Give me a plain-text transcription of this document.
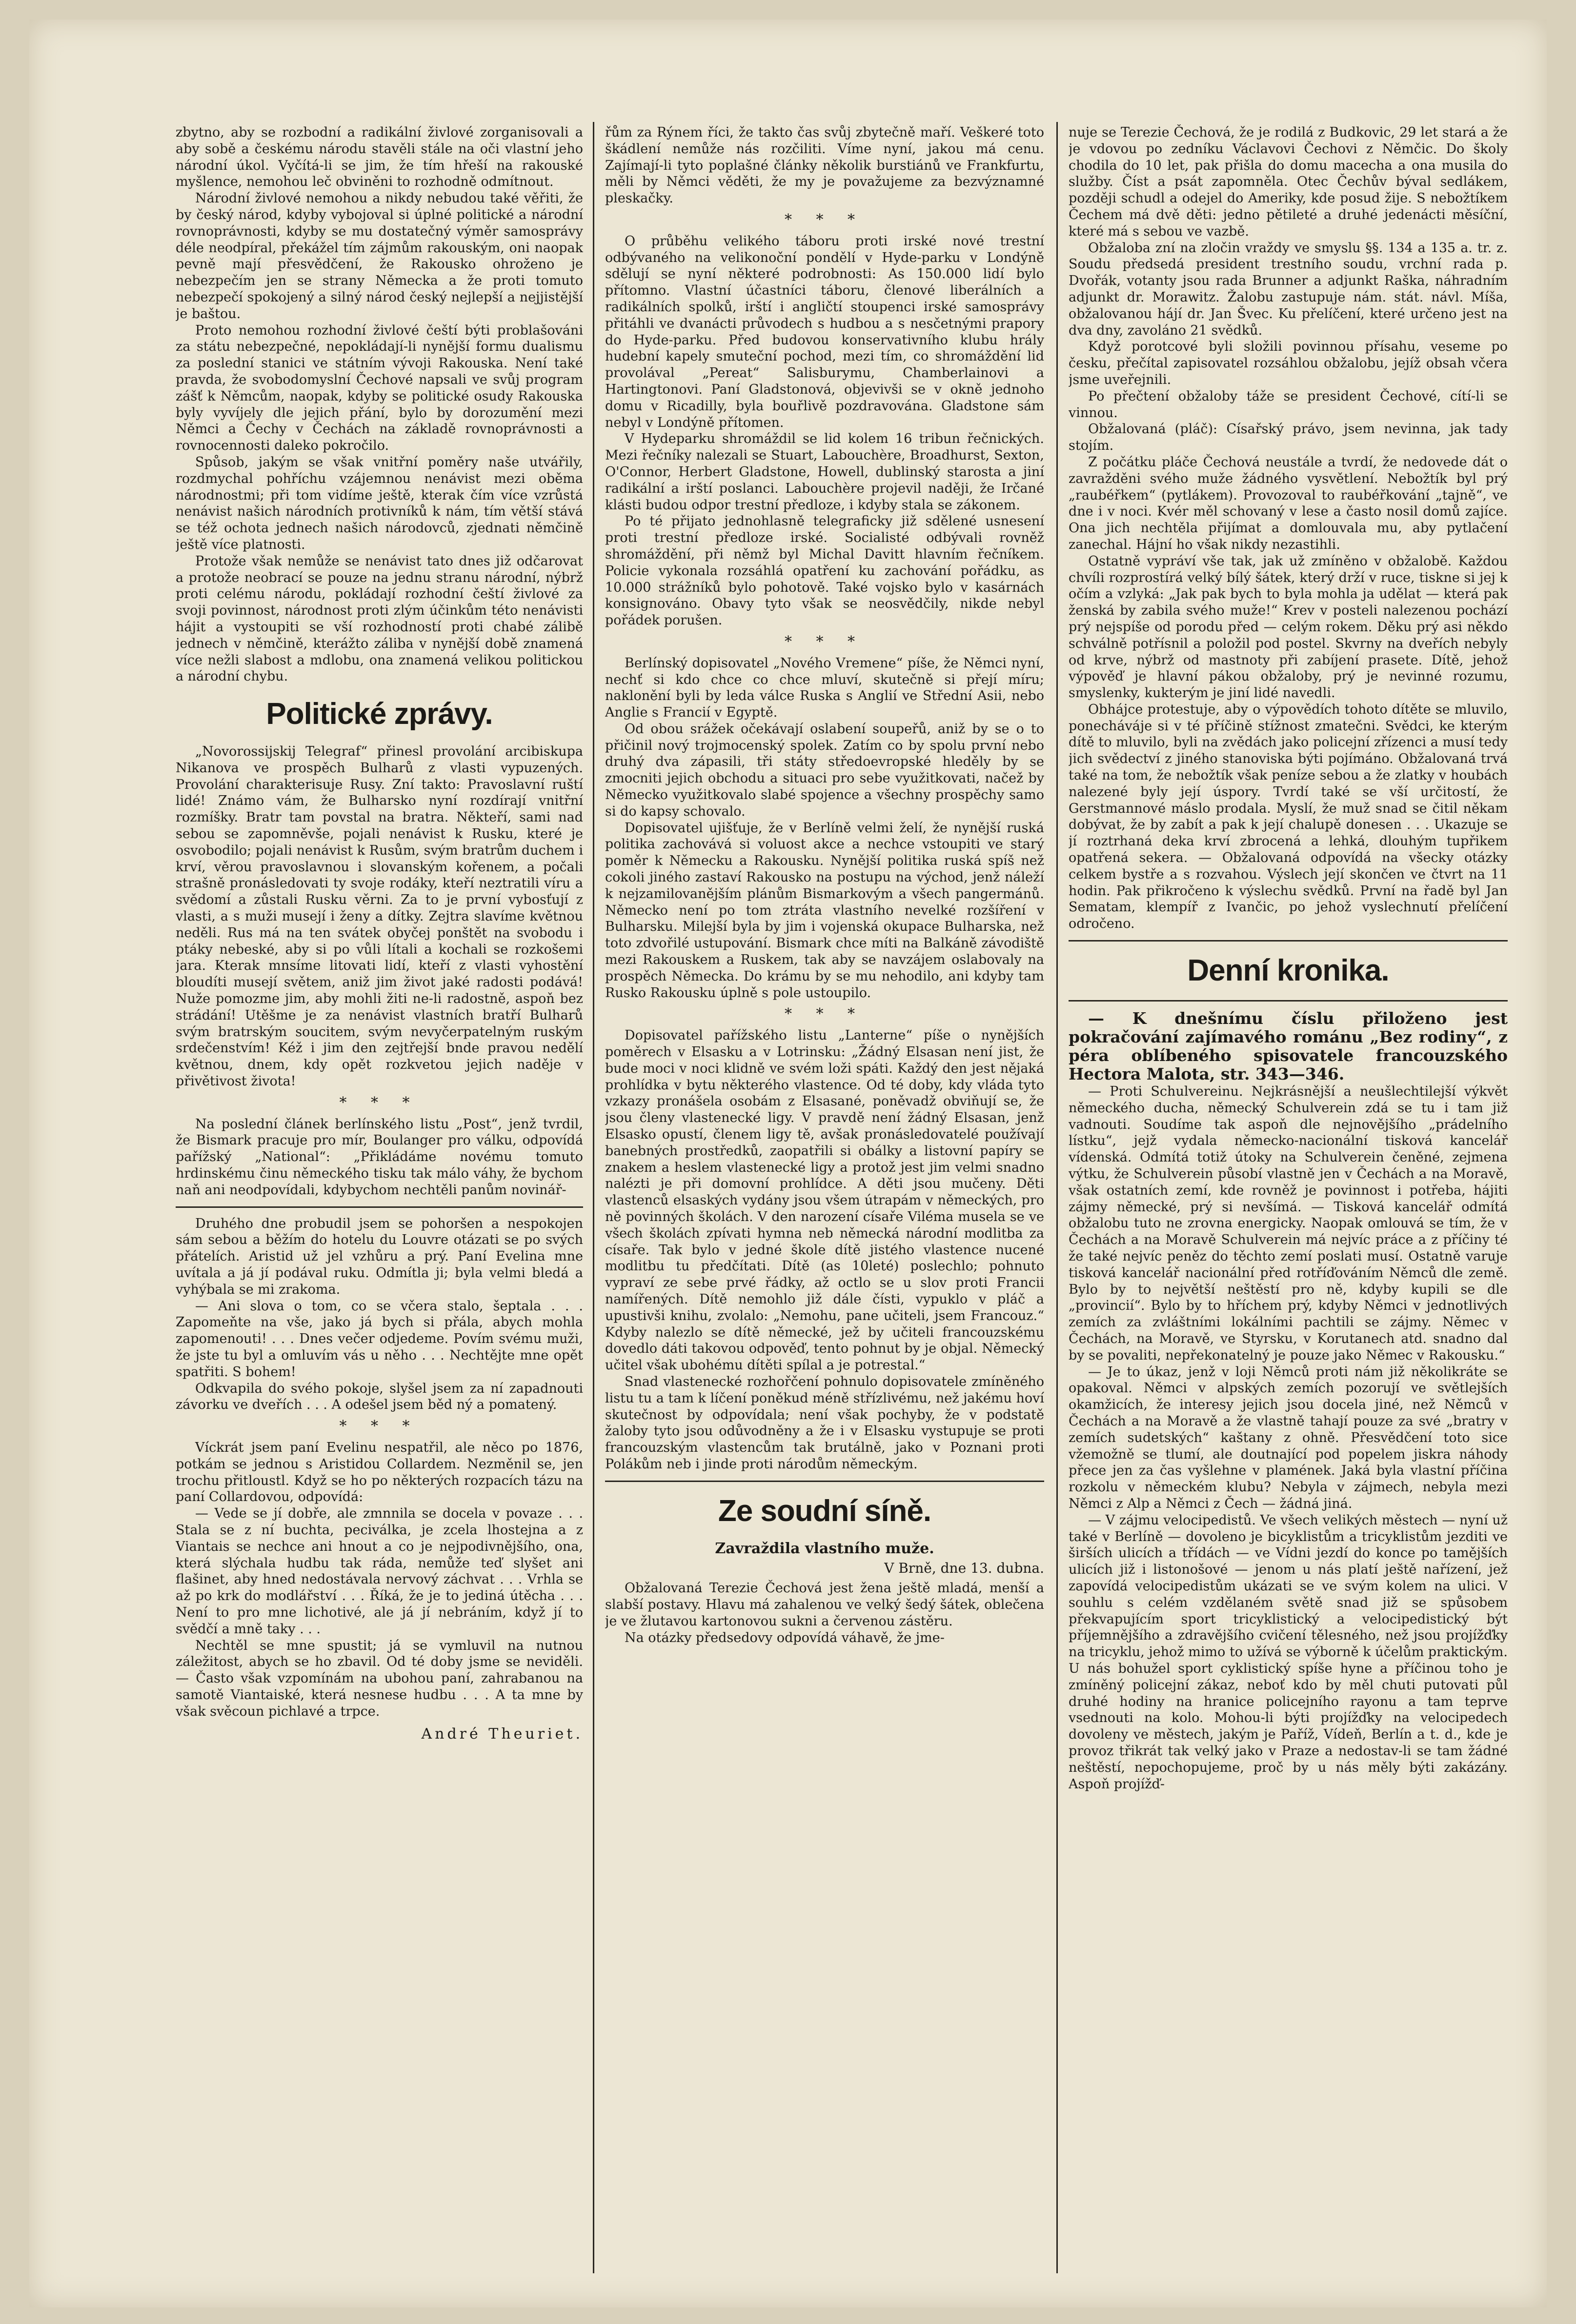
zbytno, aby se rozbodní a radikální živlové zorganisovali a aby sobě a českému národu stavěli stále na oči vlastní jeho národní úkol. Vyčítá-li se jim, že tím hřeší na rakouské myšlence, nemohou leč obviněni to rozhodně odmítnout.

Národní živlové nemohou a nikdy nebudou také věřiti, že by český národ, kdyby vybojoval si úplné politické a národní rovnoprávnosti, kdyby se mu dostatečný výměr samosprávy déle neodpíral, překážel tím zájmům rakouským, oni naopak pevně mají přesvědčení, že Rakousko ohroženo je nebezpečím jen se strany Německa a že proti tomuto nebezpečí spokojený a silný národ český nejlepší a nejjistější je baštou.

Proto nemohou rozhodní živlové čeští býti problašováni za státu nebezpečné, nepokládají-li nynější formu dualismu za poslední stanici ve státním vývoji Rakouska. Není také pravda, že svobodomyslní Čechové napsali ve svůj program zášť k Němcům, naopak, kdyby se politické osudy Rakouska byly vyvíjely dle jejich přání, bylo by dorozumění mezi Němci a Čechy v Čechách na základě rovnoprávnosti a rovnocennosti daleko pokročilo.

Spůsob, jakým se však vnitřní poměry naše utvářily, rozdmychal pohříchu vzájemnou nenávist mezi oběma národnostmi; při tom vidíme ještě, kterak čím více vzrůstá nenávist našich národních protivníků k nám, tím větší stává se též ochota jednech našich národovců, zjednati němčině ještě více platnosti.

Protože však nemůže se nenávist tato dnes již odčarovat a protože neobrací se pouze na jednu stranu národní, nýbrž proti celému národu, pokládají rozhodní čeští živlové za svoji povinnost, národnost proti zlým účinkům této nenávisti hájit a vystoupiti se vší rozhodností proti chabé zálibě jednech v němčině, kterážto záliba v nynější době znamená více nežli slabost a mdlobu, ona znamená velikou politickou a národní chybu.

Politické zprávy.

„Novorossijskij Telegraf“ přinesl provolání arcibiskupa Nikanova ve prospěch Bulharů z vlasti vypuzených. Provolání charakterisuje Rusy. Zní takto: Pravoslavní ruští lidé! Známo vám, že Bulharsko nyní rozdírají vnitřní rozmíšky. Bratr tam povstal na bratra. Někteří, sami nad sebou se zapomněvše, pojali nenávist k Rusku, které je osvobodilo; pojali nenávist k Rusům, svým bratrům duchem i krví, věrou pravoslavnou i slovanským kořenem, a počali strašně pronásledovati ty svoje rodáky, kteří neztratili víru a svědomí a zůstali Rusku věrni. Za to je první vybosťují z vlasti, a s muži musejí i ženy a dítky. Zejtra slavíme květnou neděli. Rus má na ten svátek obyčej ponštět na svobodu i ptáky nebeské, aby si po vůli lítali a kochali se rozkošemi jara. Kterak mnsíme litovati lidí, kteří z vlasti vyhostění bloudíti musejí světem, aniž jim život jaké radosti podává! Nuže pomozme jim, aby mohli žiti ne-li radostně, aspoň bez strádání! Utěšme je za nenávist vlastních bratří Bulharů svým bratrským soucitem, svým nevyčerpatelným ruským srdečenstvím! Kéž i jim den zejtřejší bnde pravou nedělí květnou, dnem, kdy opět rozkvetou jejich naděje v přivětivost života!

* * *

Na poslední článek berlínského listu „Post“, jenž tvrdil, že Bismark pracuje pro mír, Boulanger pro válku, odpovídá pařížský „National“: „Přikládáme novému tomuto hrdinskému činu německého tisku tak málo váhy, že bychom naň ani neodpovídali, kdybychom nechtěli panům novinář-

Druhého dne probudil jsem se pohoršen a nespokojen sám sebou a běžím do hotelu du Louvre otázati se po svých přátelích. Aristid už jel vzhůru a prý. Paní Evelina mne uvítala a já jí podával ruku. Odmítla ji; byla velmi bledá a vyhýbala se mi zrakoma.

— Ani slova o tom, co se včera stalo, šeptala . . . Zapomeňte na vše, jako já bych si přála, abych mohla zapomenouti! . . . Dnes večer odjedeme. Povím svému muži, že jste tu byl a omluvím vás u něho . . . Nechtějte mne opět spatřiti. S bohem!

Odkvapila do svého pokoje, slyšel jsem za ní zapadnouti závorku ve dveřích . . . A odešel jsem běd ný a pomatený.

* * *

Víckrát jsem paní Evelinu nespatřil, ale něco po 1876, potkám se jednou s Aristidou Collardem. Nezměnil se, jen trochu přitloustl. Když se ho po některých rozpacích tázu na paní Collardovou, odpovídá:

— Vede se jí dobře, ale zmnnila se docela v povaze . . . Stala se z ní buchta, peciválka, je zcela lhostejna a z Viantais se nechce ani hnout a co je nejpodivnějšího, ona, která slýchala hudbu tak ráda, nemůže teď slyšet ani flašinet, aby hned nedostávala nervový záchvat . . . Vrhla se až po krk do modlářství . . . Říká, že je to jediná útěcha . . . Není to pro mne lichotivé, ale já jí nebráním, když jí to svědčí a mně taky . . .

Nechtěl se mne spustit; já se vymluvil na nutnou záležitost, abych se ho zbavil. Od té doby jsme se neviděli. — Často však vzpomínám na ubohou paní, zahrabanou na samotě Viantaiské, která nesnese hudbu . . . A ta mne by však svěcoun pichlavé a trpce.

André Theuriet.

řům za Rýnem říci, že takto čas svůj zbytečně maří. Veškeré toto škádlení nemůže nás rozčiliti. Víme nyní, jakou má cenu. Zajímají-li tyto poplašné články několik burstiánů ve Frankfurtu, měli by Němci věděti, že my je považujeme za bezvýznamné pleskačky.

* * *

O průběhu velikého táboru proti irské nové trestní odbývaného na velikonoční pondělí v Hyde-parku v Londýně sdělují se nyní některé podrobnosti: As 150.000 lidí bylo přítomno. Vlastní účastníci táboru, členové liberálních a radikálních spolků, irští i angličtí stoupenci irské samosprávy přitáhli ve dvanácti průvodech s hudbou a s nesčetnými prapory do Hyde-parku. Před budovou konservativního klubu hrály hudební kapely smuteční pochod, mezi tím, co shromáždění lid provolával „Pereat“ Salisburymu, Chamberlainovi a Hartingtonovi. Paní Gladstonová, objevivši se v okně jednoho domu v Ricadilly, byla bouřlivě pozdravována. Gladstone sám nebyl v Londýně přítomen.

V Hydeparku shromáždil se lid kolem 16 tribun řečnických. Mezi řečníky nalezali se Stuart, Labouchère, Broadhurst, Sexton, O'Connor, Herbert Gladstone, Howell, dublinský starosta a jiní radikální a irští poslanci. Labouchère projevil naději, že Irčané klásti budou odpor trestní předloze, i kdyby stala se zákonem.

Po té přijato jednohlasně telegraficky již sdělené usnesení proti trestní předloze irské. Socialisté odbývali rovněž shromáždění, při němž byl Michal Davitt hlavním řečníkem. Policie vykonala rozsáhlá opatření ku zachování pořádku, as 10.000 strážníků bylo pohotově. Také vojsko bylo v kasárnách konsignováno. Obavy tyto však se neosvědčily, nikde nebyl pořádek porušen.

* * *

Berlínský dopisovatel „Nového Vremene“ píše, že Němci nyní, nechť si kdo chce co chce mluví, skutečně si přejí míru; naklonění byli by leda válce Ruska s Anglií ve Střední Asii, nebo Anglie s Francií v Egyptě.

Od obou srážek očekávají oslabení soupeřů, aniž by se o to přičinil nový trojmocenský spolek. Zatím co by spolu první nebo druhý dva zápasili, tři státy středoevropské hleděly by se zmocniti jejich obchodu a situaci pro sebe využitkovati, načež by Německo využitkovalo slabé spojence a všechny prospěchy samo si do kapsy schovalo.

Dopisovatel ujišťuje, že v Berlíně velmi želí, že nynější ruská politika zachovává si voluost akce a nechce vstoupiti ve starý poměr k Německu a Rakousku. Nynější politika ruská spíš než cokoli jiného zastaví Rakousko na postupu na východ, jenž náleží k nejzamilovanějším plánům Bismarkovým a všech pangermánů. Německo není po tom ztráta vlastního nevelké rozšíření v Bulharsku. Milejší byla by jim i vojenská okupace Bulharska, než toto zdvořilé ustupování. Bismark chce míti na Balkáně závodiště mezi Rakouskem a Ruskem, tak aby se navzájem oslabovaly na prospěch Německa. Do krámu by se mu nehodilo, ani kdyby tam Rusko Rakousku úplně s pole ustoupilo.

* * *

Dopisovatel pařížského listu „Lanterne“ píše o nynějších poměrech v Elsasku a v Lotrinsku: „Žádný Elsasan není jist, že bude moci v noci klidně ve svém loži spáti. Každý den jest nějaká prohlídka v bytu některého vlastence. Od té doby, kdy vláda tyto vzkazy pronášela osobám z Elsasané, poněvadž obviňují se, že jsou členy vlastenecké ligy. V pravdě není žádný Elsasan, jenž Elsasko opustí, členem ligy tě, avšak pronásledovatelé používají banebných prostředků, zaopatřili si obálky a listovní papíry se znakem a heslem vlastenecké ligy a protož jest jim velmi snadno nalézti je při domovní prohlídce. A děti jsou mučeny. Děti vlastenců elsaských vydány jsou všem útrapám v německých, pro ně povinných školách. V den narození císaře Viléma musela se ve všech školách zpívati hymna neb německá národní modlitba za císaře. Tak bylo v jedné škole dítě jistého vlastence nucené modlitbu tu předčítati. Dítě (as 10leté) poslechlo; pohnuto vypraví ze sebe prvé řádky, až octlo se u slov proti Francii namířených. Dítě nemohlo již dále čísti, vypuklo v pláč a upustivši knihu, zvolalo: „Nemohu, pane učiteli, jsem Francouz.“ Kdyby nalezlo se dítě německé, jež by učiteli francouzskému dovedlo dáti takovou odpověď, tento pohnut by je objal. Německý učitel však ubohému dítěti spílal a je potrestal.“

Snad vlastenecké rozhořčení pohnulo dopisovatele zmíněného listu tu a tam k líčení poněkud méně střízlivému, než jakému hoví skutečnost by odpovídala; není však pochyby, že v podstatě žaloby tyto jsou odůvodněny a že i v Elsasku vystupuje se proti francouzským vlastencům tak brutálně, jako v Poznani proti Polákům neb i jinde proti národům německým.

Ze soudní síně.
Zavraždila vlastního muže.
V Brně, dne 13. dubna.

Obžalovaná Terezie Čechová jest žena ještě mladá, menší a slabší postavy. Hlavu má zahalenou ve velký šedý šátek, oblečena je ve žlutavou kartonovou sukni a červenou zástěru.

Na otázky předsedovy odpovídá váhavě, že jme-

nuje se Terezie Čechová, že je rodilá z Budkovic, 29 let stará a že je vdovou po zedníku Václavovi Čechovi z Němčic. Do školy chodila do 10 let, pak přišla do domu macecha a ona musila do služby. Číst a psát zapomněla. Otec Čechův býval sedlákem, později schudl a odejel do Ameriky, kde posud žije. S nebožtíkem Čechem má dvě děti: jedno pětileté a druhé jedenácti měsíční, které má s sebou ve vazbě.

Obžaloba zní na zločin vraždy ve smyslu §§. 134 a 135 a. tr. z. Soudu předsedá president trestního soudu, vrchní rada p. Dvořák, votanty jsou rada Brunner a adjunkt Raška, náhradním adjunkt dr. Morawitz. Žalobu zastupuje nám. stát. návl. Míša, obžalovanou hájí dr. Jan Švec. Ku přelíčení, které určeno jest na dva dny, zavoláno 21 svědků.

Když porotcové byli složili povinnou přísahu, veseme po česku, přečítal zapisovatel rozsáhlou obžalobu, jejíž obsah včera jsme uveřejnili.

Po přečtení obžaloby táže se president Čechové, cítí-li se vinnou.

Obžalovaná (pláč): Císařský právo, jsem nevinna, jak tady stojím.

Z počátku pláče Čechová neustále a tvrdí, že nedovede dát o zavražděni svého muže žádného vysvětlení. Nebožtík byl prý „raubéřkem“ (pytlákem). Provozoval to raubéřkování „tajně“, ve dne i v noci. Kvér měl schovaný v lese a často nosil domů zajíce. Ona jich nechtěla přijímat a domlouvala mu, aby pytlačení zanechal. Hájní ho však nikdy nezastihli.

Ostatně vypráví vše tak, jak už zmíněno v obžalobě. Každou chvíli rozprostírá velký bílý šátek, který drží v ruce, tiskne si jej k očím a vzlyká: „Jak pak bych to byla mohla ja udělat — která pak ženská by zabila svého muže!“ Krev v posteli nalezenou pochází prý nejspíše od porodu před — celým rokem. Děku prý asi někdo schválně potřísnil a položil pod postel. Skvrny na dveřích nebyly od krve, nýbrž od mastnoty při zabíjení prasete. Dítě, jehož výpověď je hlavní pákou obžaloby, prý je nevinné rozumu, smyslenky, kukterým je jiní lidé navedli.

Obhájce protestuje, aby o výpovědích tohoto dítěte se mluvilo, ponecháváje si v té příčině stížnost zmatečni. Svědci, ke kterým dítě to mluvilo, byli na zvědách jako policejní zřízenci a musí tedy jich svědectví z jiného stanoviska býti pojímáno. Obžalovaná trvá také na tom, že nebožtík však peníze sebou a že zlatky v houbách nalezené byly její úspory. Tvrdí také se vší určitostí, že Gerstmannové máslo prodala. Myslí, že muž snad se čitil někam dobývat, že by zabít a pak k její chalupě donesen . . . Ukazuje se jí roztrhaná deka krví zbrocená a lehká, dlouhým tupřikem opatřená sekera. — Obžalovaná odpovídá na všecky otázky celkem bystře a s rozvahou. Výslech její skončen ve čtvrt na 11 hodin. Pak přikročeno k výslechu svědků. První na řadě byl Jan Sematam, klempíř z Ivančic, po jehož vyslechnutí přelíčení odročeno.

Denní kronika.

— K dnešnímu číslu přiloženo jest pokračování zajímavého románu „Bez rodiny“, z péra oblíbeného spisovatele francouzského Hectora Malota, str. 343—346.

— Proti Schulvereinu. Nejkrásnější a neušlechtilejší výkvět německého ducha, německý Schulverein zdá se tu i tam již vadnouti. Soudíme tak aspoň dle nejnovějšího „prádelního lístku“, jejž vydala německo-nacionální tisková kancelář vídenská. Odmítá totiž útoky na Schulverein čeněné, zejmena výtku, že Schulverein působí vlastně jen v Čechách a na Moravě, však ostatních zemí, kde rovněž je povinnost i potřeba, hájiti zájmy německé, prý si nevšímá. — Tisková kancelář odmítá obžalobu tuto ne zrovna energicky. Naopak omlouvá se tím, že v Čechách a na Moravě Schulverein má nejvíc práce a z příčiny té že také nejvíc peněz do těchto zemí poslati musí. Ostatně varuje tisková kancelář nacionální před rotříďováním Němců dle země. Bylo by to největší neštěstí pro ně, kdyby kupili se dle „provincií“. Bylo by to hříchem prý, kdyby Němci v jednotlivých zemích za zvláštními lokálními pachtili se zájmy. Němec v Čechách, na Moravě, ve Styrsku, v Korutanech atd. snadno dal by se povaliti, nepřekonatelný je pouze jako Němec v Rakousku.“

— Je to úkaz, jenž v loji Němců proti nám již několikráte se opakoval. Němci v alpských zemích pozorují ve světlejších okamžicích, že interesy jejich jsou docela jiné, než Němců v Čechách a na Moravě a že vlastně tahají pouze za své „bratry v zemích sudetských“ kaštany z ohně. Přesvědčení toto sice vžemožně se tlumí, ale doutnající pod popelem jiskra náhody přece jen za čas vyšlehne v plamének. Jaká byla vlastní příčina rozkolu v německém klubu? Nebyla v zájmech, nebyla mezi Němci z Alp a Němci z Čech — žádná jiná.

— V zájmu velocipedistů. Ve všech velikých městech — nyní už také v Berlíně — dovoleno je bicyklistům a tricyklistům jezditi ve širších ulicích a třídách — ve Vídni jezdí do konce po tamějších ulicích již i listonošové — jenom u nás platí ještě nařízení, jež zapovídá velocipedistům ukázati se ve svým kolem na ulici. V souhlu s celém vzdělaném světě snad již se spůsobem překvapujícím sport tricyklistický a velocipedistický být příjemnějšího a zdravějšího cvičení tělesného, než jsou projížďky na tricyklu, jehož mimo to užívá se výborně k účelům praktickým. U nás bohužel sport cyklistický spíše hyne a příčinou toho je zmíněný policejní zákaz, neboť kdo by měl chuti putovati půl druhé hodiny na hranice policejního rayonu a tam teprve vsednouti na kolo. Mohou-li býti projížďky na velocipedech dovoleny ve městech, jakým je Paříž, Vídeň, Berlín a t. d., kde je provoz třikrát tak velký jako v Praze a nedostav-li se tam žádné neštěstí, nepochopujeme, proč by u nás měly býti zakázány. Aspoň projížď-
